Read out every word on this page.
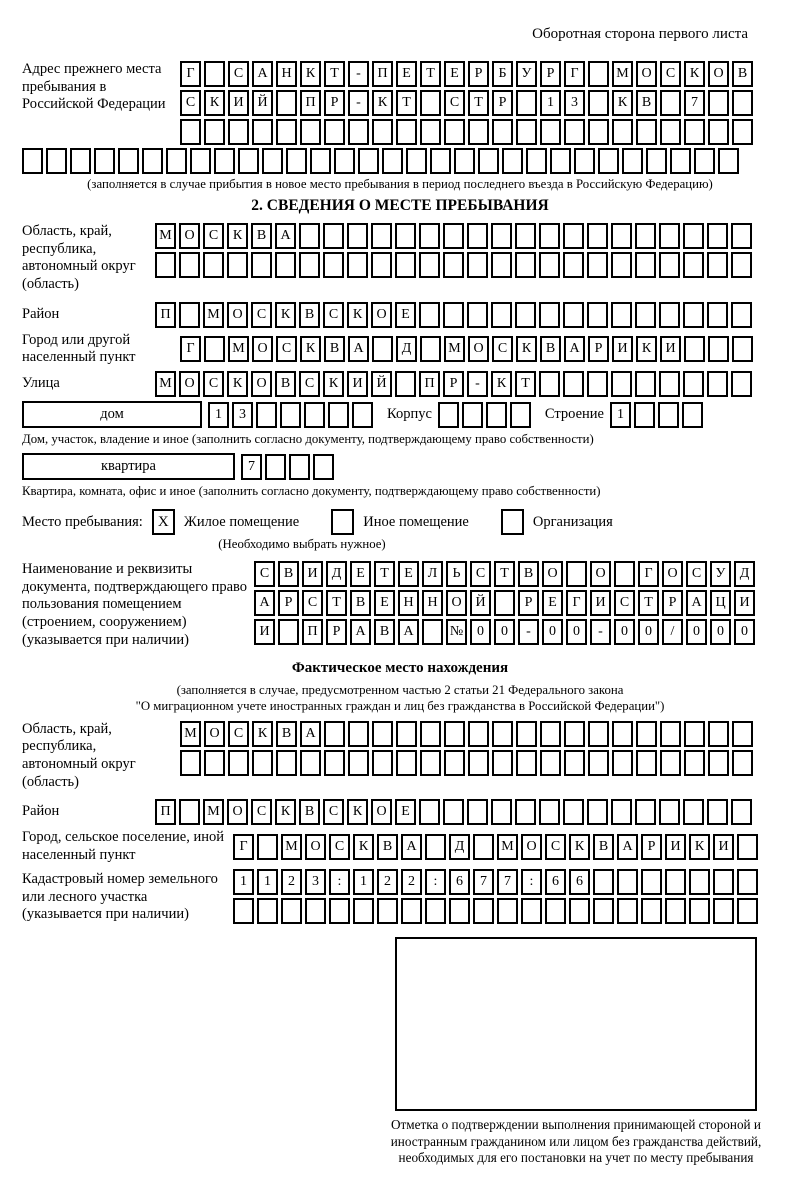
Оборотная сторона первого листа
Адрес прежнего места пребывания в Российской Федерации
Г	С	А Н	К	Т	-	П	Е	Т	Е	Р	Б	У	Р	Г	М О	С	К	О	В
С	К	И Й	П	Р	-	К	Т	С	Т	Р	1	3	К	В	7
(заполняется в случае прибытия в новое место пребывания в период последнего въезда в Российскую Федерацию)
2. СВЕДЕНИЯ О МЕСТЕ ПРЕБЫВАНИЯ
Область, край, республика, автономный округ (область)
М О	С	К	В	А
Район	П	М О	С	К	В	С	К	О	Е
Город или другой населенный пункт
Г	М О	С	К	В	А	Д	М О	С	К	В	А	Р	И	К	И
Улица	М О	С	К	О	В	С	К	И Й	П	Р	-	К	Т
дом	1	3	Корпус	Строение 1
Дом, участок, владение и иное (заполнить согласно документу, подтверждающему право собственности)
квартира	7
Квартира, комната, офис и иное (заполнить согласно документу, подтверждающему право собственности)
Место пребывания:	X	Жилое помещение	Иное помещение	Организация
(Необходимо выбрать нужное)
Наименование и реквизиты документа, подтверждающего право пользования помещением (строением, сооружением) (указывается при наличии)
С	В	И	Д	Е	Т	Е	Л	Ь	С	Т	В	О	О	Г	О	С	У	Д
А	Р	С	Т	В	Е	Н Н О Й	Р	Е	Г	И	С	Т	Р	А Ц И
И	П	Р	А	В	А	№ 0	0	-	0	0	-	0	0	/	0	0	0
Фактическое место нахождения
(заполняется в случае, предусмотренном частью 2 статьи 21 Федерального закона
"О миграционном учете иностранных граждан и лиц без гражданства в Российской Федерации")
Область, край, республика, автономный округ (область)
М О	С	К	В	А
Район	П	М О	С	К	В	С	К	О	Е
Город, сельское поселение, иной населенный пункт
Г	М О	С	К	В	А	Д	М О	С	К	В	А	Р	И	К	И
Кадастровый номер земельного или лесного участка (указывается при наличии)
1	1	2	3	:	1	2	2	:	6	7	7	:	6	6
Отметка о подтверждении выполнения принимающей стороной и иностранным гражданином или лицом без гражданства действий, необходимых для его постановки на учет по месту пребывания
